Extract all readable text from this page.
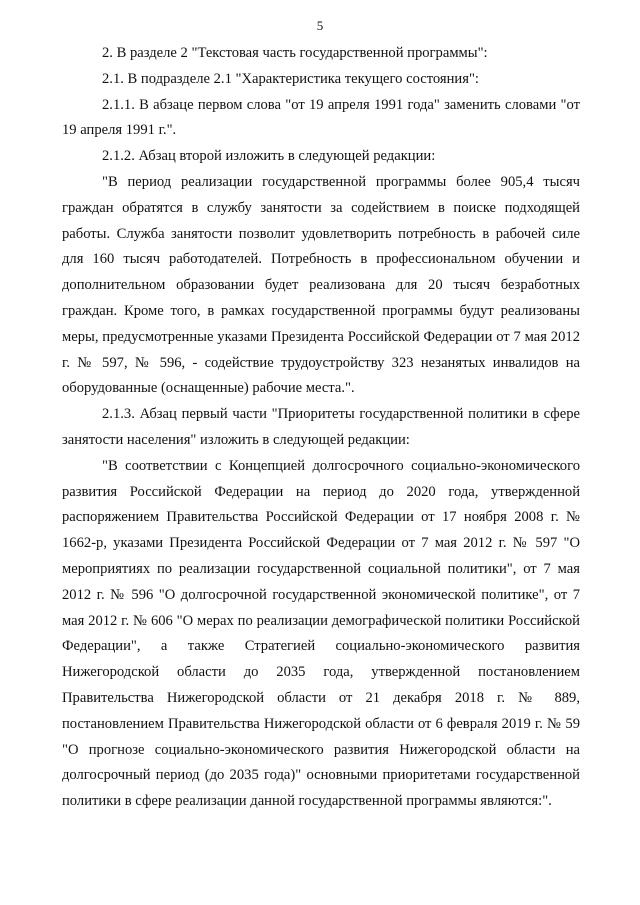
5

2. В разделе 2 "Текстовая часть государственной программы":

2.1. В подразделе 2.1 "Характеристика текущего состояния":

2.1.1. В абзаце первом слова "от 19 апреля 1991 года" заменить словами "от 19 апреля 1991 г.".

2.1.2. Абзац второй изложить в следующей редакции:

"В период реализации государственной программы более 905,4 тысяч граждан обратятся в службу занятости за содействием в поиске подходящей работы. Служба занятости позволит удовлетворить потребность в рабочей силе для 160 тысяч работодателей. Потребность в профессиональном обучении и дополнительном образовании будет реализована для 20 тысяч безработных граждан. Кроме того, в рамках государственной программы будут реализованы меры, предусмотренные указами Президента Российской Федерации от 7 мая 2012 г. № 597, № 596, - содействие трудоустройству 323 незанятых инвалидов на оборудованные (оснащенные) рабочие места.".

2.1.3. Абзац первый части "Приоритеты государственной политики в сфере занятости населения" изложить в следующей редакции:

"В соответствии с Концепцией долгосрочного социально-экономического развития Российской Федерации на период до 2020 года, утвержденной распоряжением Правительства Российской Федерации от 17 ноября 2008 г. № 1662-р, указами Президента Российской Федерации от 7 мая 2012 г. № 597 "О мероприятиях по реализации государственной социальной политики", от 7 мая 2012 г. № 596 "О долгосрочной государственной экономической политике", от 7 мая 2012 г. № 606 "О мерах по реализации демографической политики Российской Федерации", а также Стратегией социально-экономического развития Нижегородской области до 2035 года, утвержденной постановлением Правительства Нижегородской области от 21 декабря 2018 г. № 889, постановлением Правительства Нижегородской области от 6 февраля 2019 г. № 59 "О прогнозе социально-экономического развития Нижегородской области на долгосрочный период (до 2035 года)" основными приоритетами государственной политики в сфере реализации данной государственной программы являются:".
